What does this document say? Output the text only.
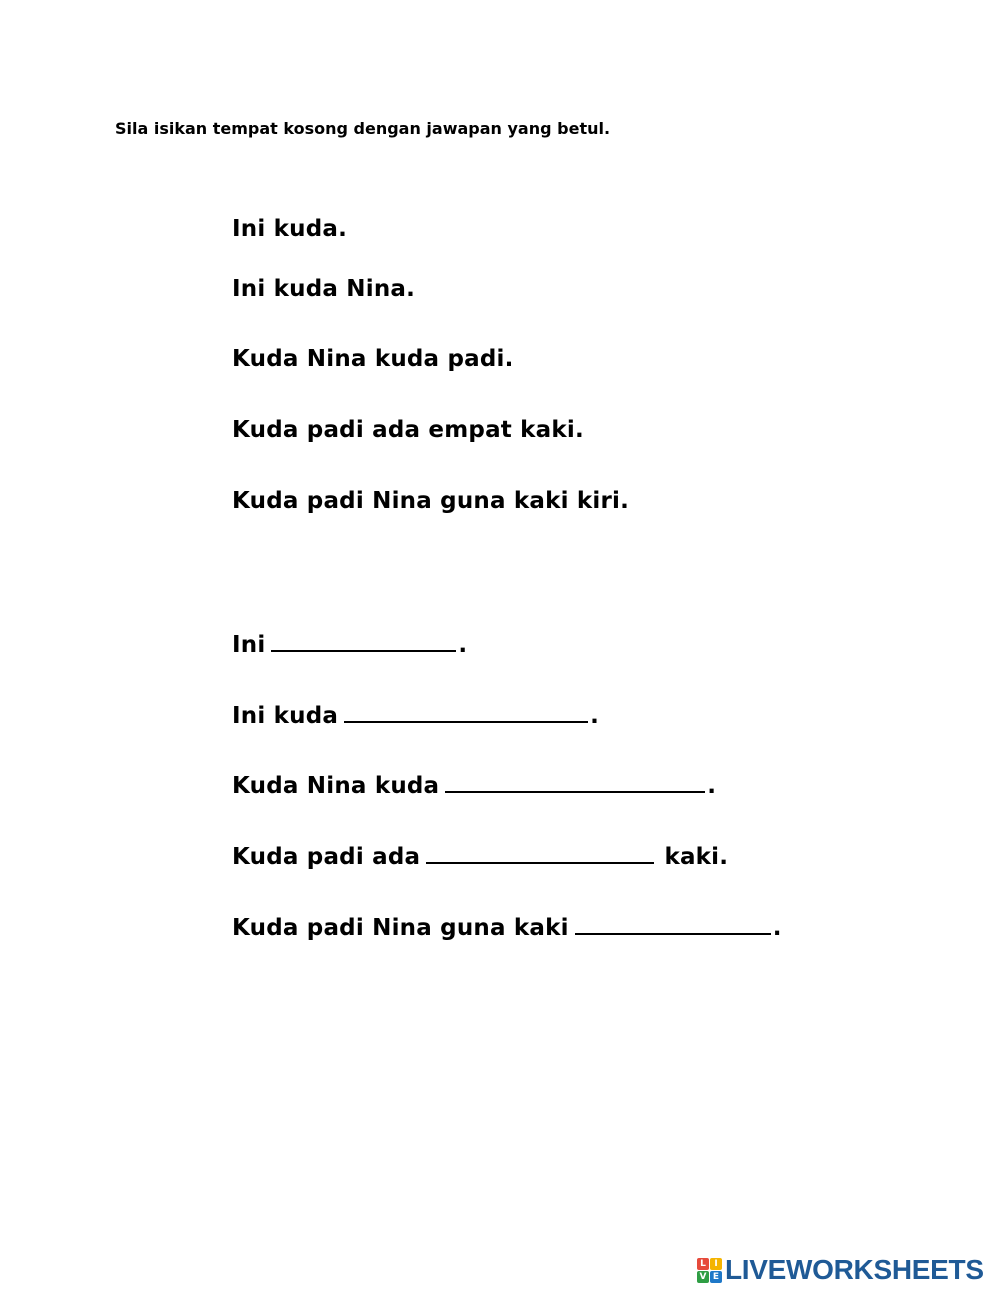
Sila isikan tempat kosong dengan jawapan yang betul.
Ini kuda.
Ini kuda Nina.
Kuda Nina kuda padi.
Kuda padi ada empat kaki.
Kuda padi Nina guna kaki kiri.
Ini	.
Ini kuda	.
Kuda Nina kuda	.
Kuda padi ada	kaki.
Kuda padi Nina guna kaki	.
L I
V E LIVEWORKSHEETS
